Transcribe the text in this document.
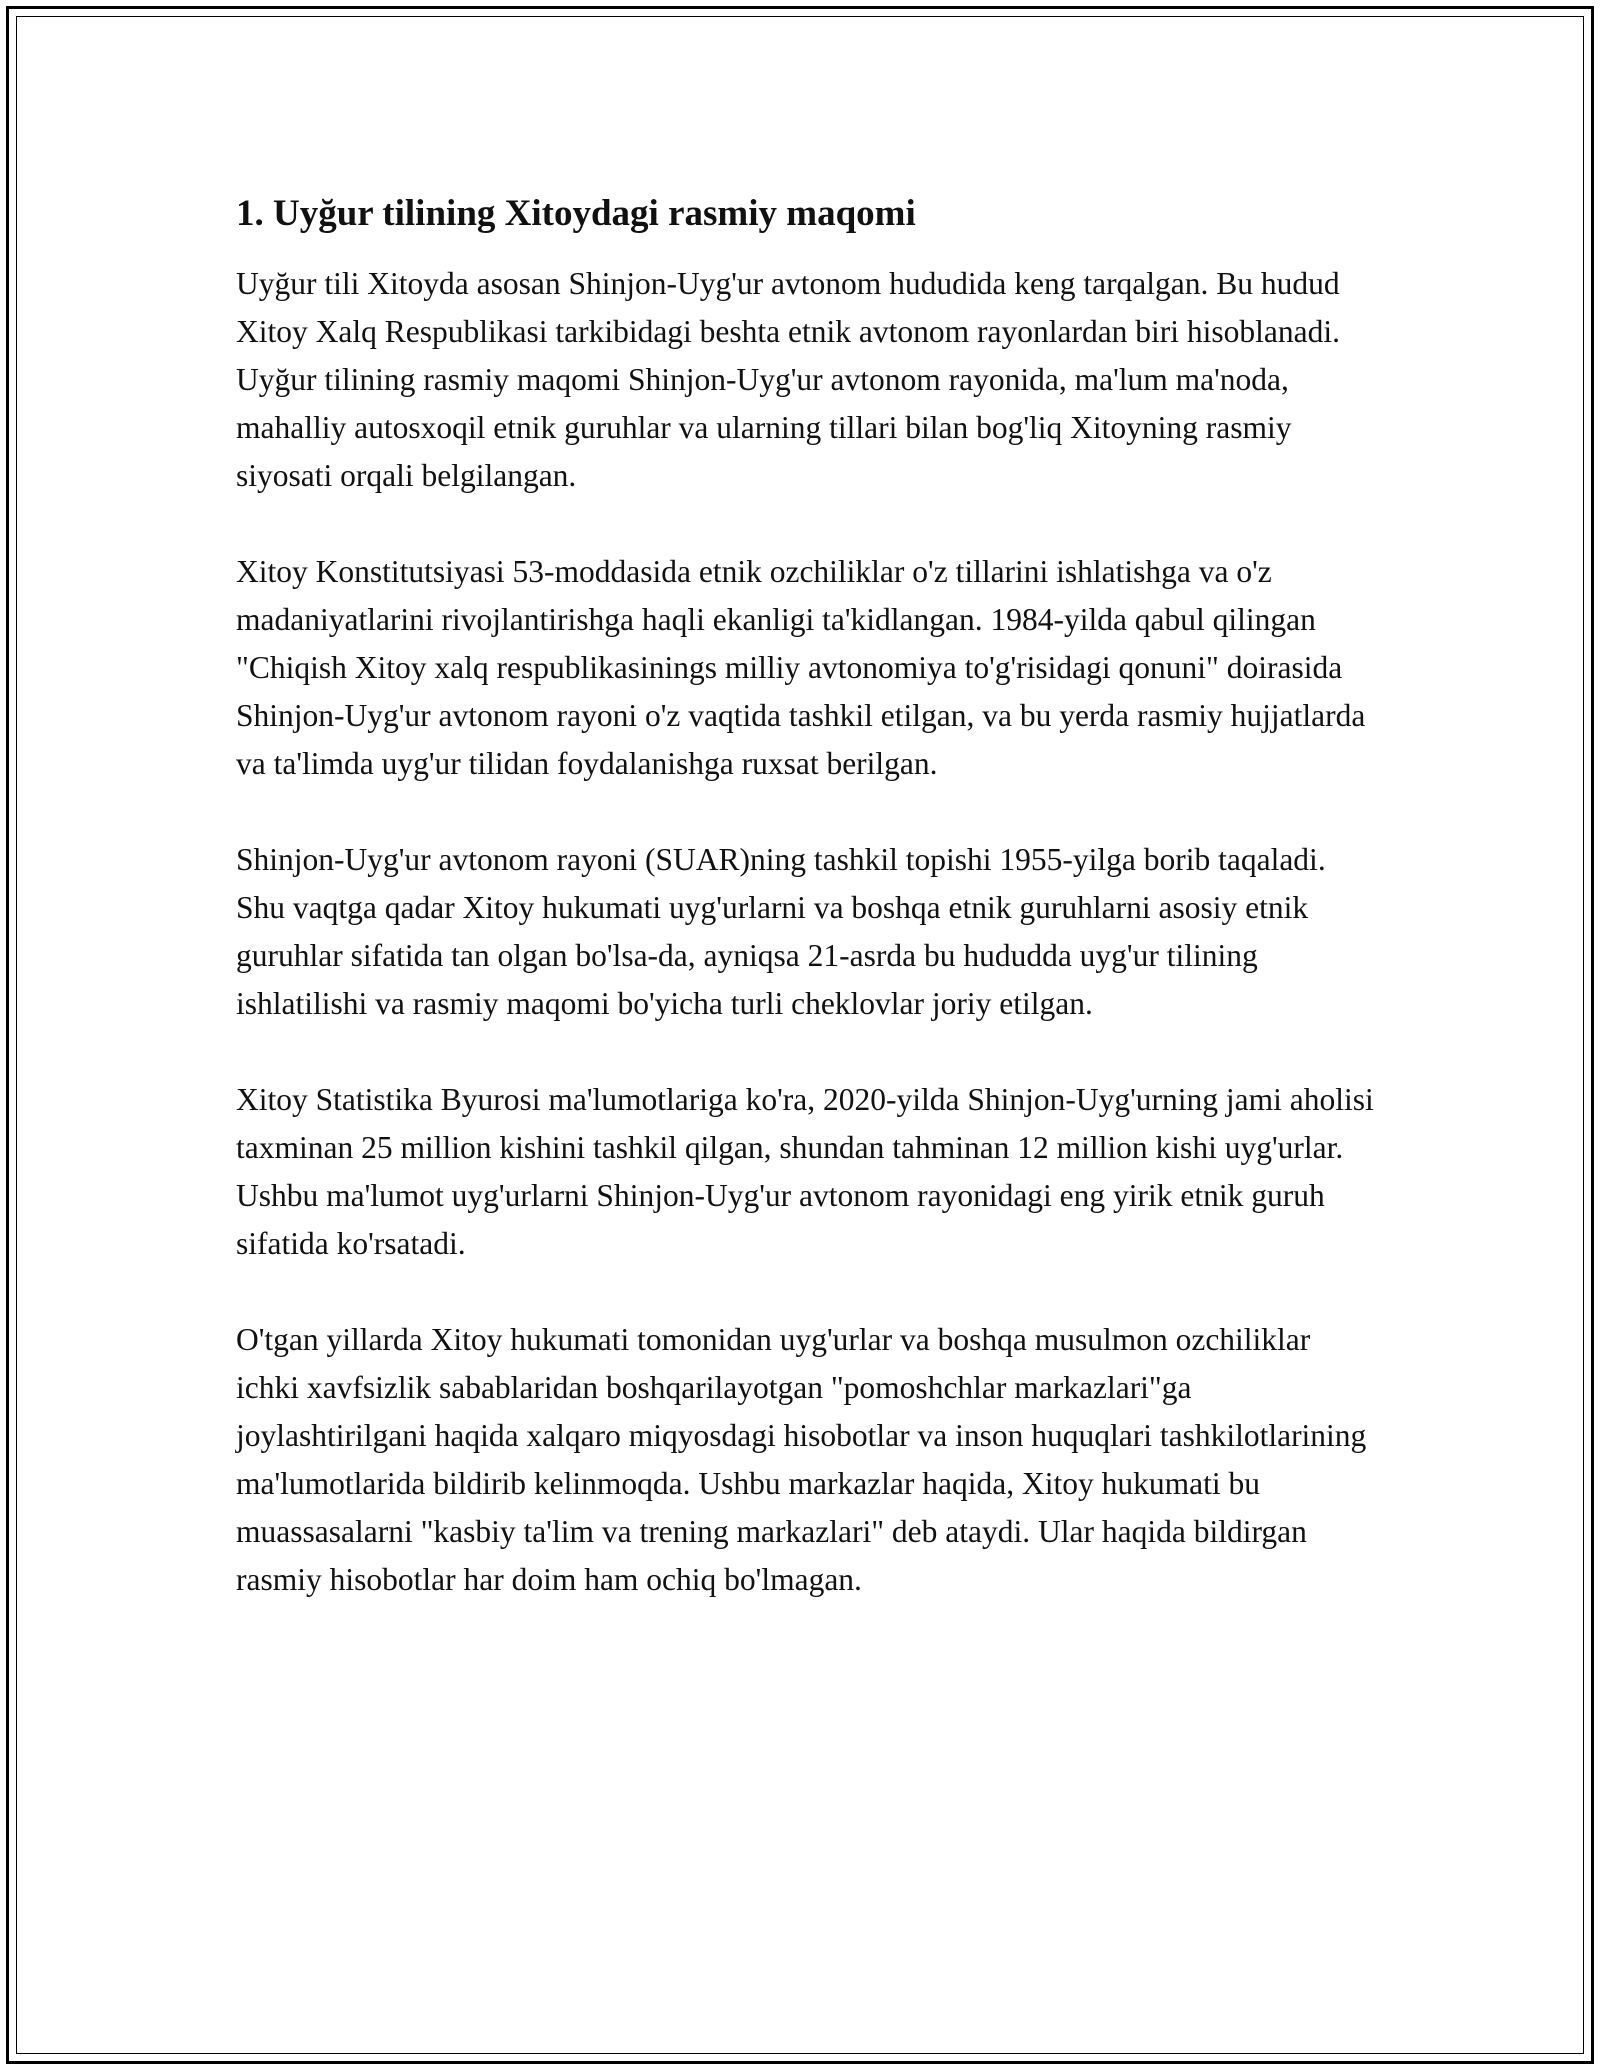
1. Uyğur tilining Xitoydagi rasmiy maqomi

Uyğur tili Xitoyda asosan Shinjon-Uyg'ur avtonom hududida keng tarqalgan. Bu hudud Xitoy Xalq Respublikasi tarkibidagi beshta etnik avtonom rayonlardan biri hisoblanadi. Uyğur tilining rasmiy maqomi Shinjon-Uyg'ur avtonom rayonida, ma'lum ma'noda, mahalliy autosxoqil etnik guruhlar va ularning tillari bilan bog'liq Xitoyning rasmiy siyosati orqali belgilangan.

Xitoy Konstitutsiyasi 53-moddasida etnik ozchiliklar o'z tillarini ishlatishga va o'z madaniyatlarini rivojlantirishga haqli ekanligi ta'kidlangan. 1984-yilda qabul qilingan "Chiqish Xitoy xalq respublikasinings milliy avtonomiya to'g'risidagi qonuni" doirasida Shinjon-Uyg'ur avtonom rayoni o'z vaqtida tashkil etilgan, va bu yerda rasmiy hujjatlarda va ta'limda uyg'ur tilidan foydalanishga ruxsat berilgan.

Shinjon-Uyg'ur avtonom rayoni (SUAR)ning tashkil topishi 1955-yilga borib taqaladi. Shu vaqtga qadar Xitoy hukumati uyg'urlarni va boshqa etnik guruhlarni asosiy etnik guruhlar sifatida tan olgan bo'lsa-da, ayniqsa 21-asrda bu hududda uyg'ur tilining ishlatilishi va rasmiy maqomi bo'yicha turli cheklovlar joriy etilgan.

Xitoy Statistika Byurosi ma'lumotlariga ko'ra, 2020-yilda Shinjon-Uyg'urning jami aholisi taxminan 25 million kishini tashkil qilgan, shundan tahminan 12 million kishi uyg'urlar. Ushbu ma'lumot uyg'urlarni Shinjon-Uyg'ur avtonom rayonidagi eng yirik etnik guruh sifatida ko'rsatadi.

O'tgan yillarda Xitoy hukumati tomonidan uyg'urlar va boshqa musulmon ozchiliklar ichki xavfsizlik sabablaridan boshqarilayotgan "pomoshchlar markazlari"ga joylashtirilgani haqida xalqaro miqyosdagi hisobotlar va inson huquqlari tashkilotlarining ma'lumotlarida bildirib kelinmoqda. Ushbu markazlar haqida, Xitoy hukumati bu muassasalarni "kasbiy ta'lim va trening markazlari" deb ataydi. Ular haqida bildirgan rasmiy hisobotlar har doim ham ochiq bo'lmagan.
